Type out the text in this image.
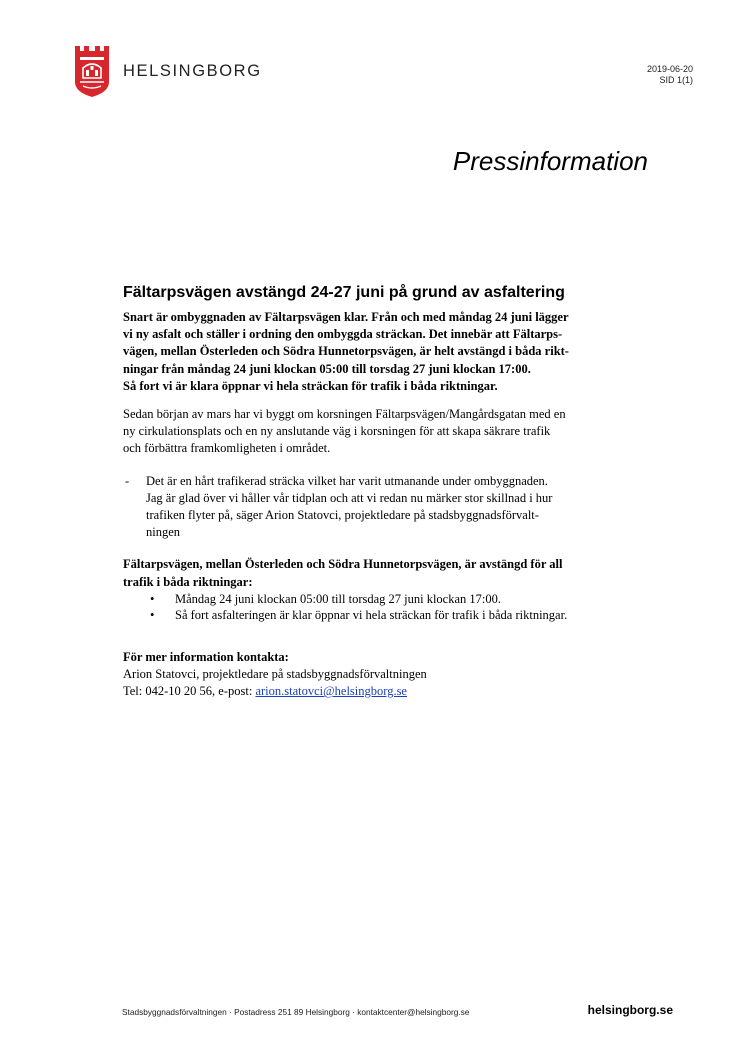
HELSINGBORG	2019-06-20
SID 1(1)
Pressinformation
Fältarpsvägen avstängd 24-27 juni på grund av asfaltering
Snart är ombyggnaden av Fältarpsvägen klar. Från och med måndag 24 juni lägger
vi ny asfalt och ställer i ordning den ombyggda sträckan. Det innebär att Fältarps-
vägen, mellan Österleden och Södra Hunnetorpsvägen, är helt avstängd i båda rikt-
ningar från måndag 24 juni klockan 05:00 till torsdag 27 juni klockan 17:00.
Så fort vi är klara öppnar vi hela sträckan för trafik i båda riktningar.
Sedan början av mars har vi byggt om korsningen Fältarpsvägen/Mangårdsgatan med en
ny cirkulationsplats och en ny anslutande väg i korsningen för att skapa säkrare trafik
och förbättra framkomligheten i området.
- Det är en hårt trafikerad sträcka vilket har varit utmanande under ombyggnaden.
Jag är glad över vi håller vår tidplan och att vi redan nu märker stor skillnad i hur
trafiken flyter på, säger Arion Statovci, projektledare på stadsbyggnadsförvalt-
ningen
Fältarpsvägen, mellan Österleden och Södra Hunnetorpsvägen, är avstängd för all
trafik i båda riktningar:
• Måndag 24 juni klockan 05:00 till torsdag 27 juni klockan 17:00.
• Så fort asfalteringen är klar öppnar vi hela sträckan för trafik i båda riktningar.
För mer information kontakta:
Arion Statovci, projektledare på stadsbyggnadsförvaltningen
Tel: 042-10 20 56, e-post: arion.statovci@helsingborg.se
Stadsbyggnadsförvaltningen · Postadress 251 89 Helsingborg · kontaktcenter@helsingborg.se	helsingborg.se
